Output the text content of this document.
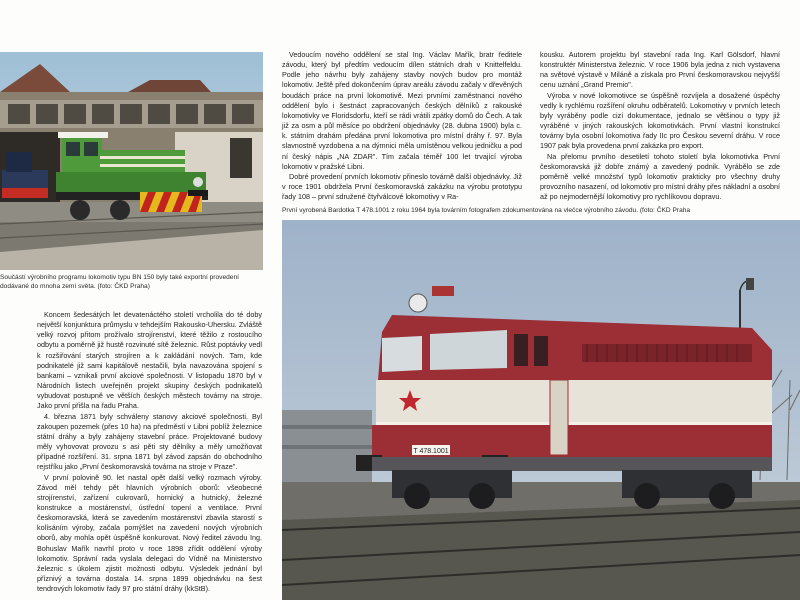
Součástí výrobního programu lokomotiv typu BN 150 byly také exportní provedení dodávané do mnoha zemí světa. (foto: ČKD Praha)
T 478.1001
První vyrobená Bardotka T 478.1001 z roku 1964 byla továrním fotografem zdokumentována na vlečce výrobního závodu. (foto: ČKD Praha

Koncem šedesátých let devatenáctého století vrcholila do té doby největší konjunktura průmyslu v tehdejším Rakousko-Uhersku. Zvláště velký rozvoj přitom prožívalo strojírenství, které těžilo z rostoucího odbytu a poměrně již hustě rozvinuté sítě železnic. Růst poptávky vedl k rozšiřování starých strojíren a k zakládání nových. Tam, kde podnikatelé již sami kapitálově nestačili, byla navazována spojení s bankami – vznikali první akciové společnosti. V listopadu 1870 byl v Národních listech uveřejněn projekt skupiny českých podnikatelů vybudovat postupně ve větších českých městech továrny na stroje. Jako první přišla na řadu Praha.

4. března 1871 byly schváleny stanovy akciové společnosti. Byl zakoupen pozemek (přes 10 ha) na předměstí v Libni poblíž železnice státní dráhy a byly zahájeny stavební práce. Projektované budovy měly vyhovovat provozu s asi pěti sty dělníky a měly umožňovat případné rozšíření. 31. srpna 1871 byl závod zapsán do obchodního rejstříku jako „První českomoravská továrna na stroje v Praze".

V první polovině 90. let nastal opět další velký rozmach výroby. Závod měl tehdy pět hlavních výrobních oborů: všeobecné strojírenství, zařízení cukrovarů, hornický a hutnický, železné konstrukce a mostárenství, ústřední topení a ventilace. První českomoravská, která se zavedením mostárenství zbavila starostí s kolísáním výroby, začala pomýšlet na zavedení nových výrobních oborů, aby mohla opět úspěšně konkurovat. Nový ředitel závodu Ing. Bohuslav Mařík navrhl proto v roce 1898 zřídit oddělení výroby lokomotiv. Správní rada vyslala delegaci do Vídně na Ministerstvo železnic s úkolem zjistit možnosti odbytu. Výsledek jednání byl příznivý a továrna dostala 14. srpna 1899 objednávku na šest tendrových lokomotiv řady 97 pro státní dráhy (kkStB).

Vedoucím nového oddělení se stal Ing. Václav Mařík, bratr ředitele závodu, který byl předtím vedoucím dílen státních drah v Knittelfeldu. Podle jeho návrhu byly zahájeny stavby nových budov pro montáž lokomotiv. Ještě před dokončením úprav areálu závodu začaly v dřevěných boudách práce na první lokomotivě. Mezi prvními zaměstnanci nového oddělení bylo i šestnáct zapracovaných českých dělníků z rakouské lokomotivky ve Floridsdorfu, kteří se rádi vrátili zpátky domů do Čech. A tak již za osm a půl měsíce po obdržení objednávky (28. dubna 1900) byla c. k. státním drahám předána první lokomotiva pro místní dráhy ř. 97. Byla slavnostně vyzdobena a na dýmnici měla umístěnou velkou jedničku a pod ní český nápis „NA ZDAR". Tím začala téměř 100 let trvající výroba lokomotiv v pražské Libni.

Dobré provedení prvních lokomotiv přineslo továrně další objednávky. Již v roce 1901 obdržela První českomoravská zakázku na výrobu prototypu řady 108 – první sdružené čtyřválcové lokomotivy v Ra-

kousku. Autorem projektu byl stavební rada Ing. Karl Gölsdorf, hlavní konstruktér Ministerstva železnic. V roce 1906 byla jedna z nich vystavena na světové výstavě v Miláně a získala pro První českomoravskou nejvyšší cenu uznání „Grand Premio".

Výroba v nové lokomotivce se úspěšně rozvíjela a dosažené úspěchy vedly k rychlému rozšíření okruhu odběratelů. Lokomotivy v prvních letech byly vyráběny podle cizí dokumentace, jednalo se většinou o typy již vyráběné v jiných rakouských lokomotivkách. První vlastní konstrukcí továrny byla osobní lokomotiva řady IIc pro Českou severní dráhu. V roce 1907 pak byla provedena první zakázka pro export.

Na přelomu prvního desetiletí tohoto století byla lokomotivka První českomoravská již dobře známý a zavedený podnik. Vyrábělo se zde poměrně velké množství typů lokomotiv prakticky pro všechny druhy provozního nasazení, od lokomotiv pro místní dráhy přes nákladní a osobní až po nejmodernější lokomotivy pro rychlíkovou dopravu.
